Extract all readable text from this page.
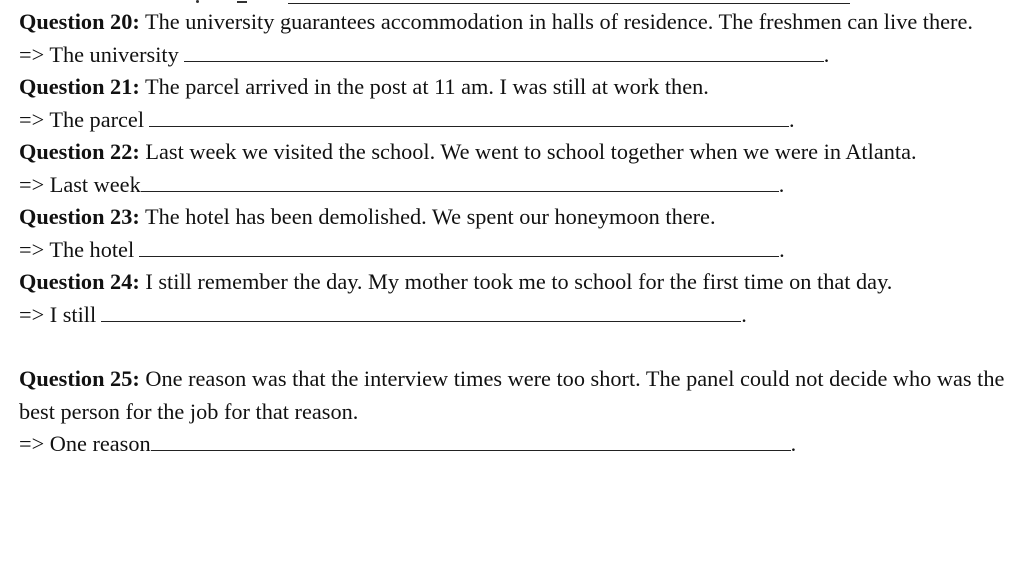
Question 20: The university guarantees accommodation in halls of residence. The freshmen can live there.

=> The university	.

Question 21: The parcel arrived in the post at 11 am. I was still at work then.

=> The parcel	.

Question 22: Last week we visited the school. We went to school together when we were in Atlanta.

=> Last week	.

Question 23: The hotel has been demolished. We spent our honeymoon there.

=> The hotel	.

Question 24: I still remember the day. My mother took me to school for the first time on that day.

=> I still	.

Question 25: One reason was that the interview times were too short. The panel could not decide who was the best person for the job for that reason.

=> One reason	.
